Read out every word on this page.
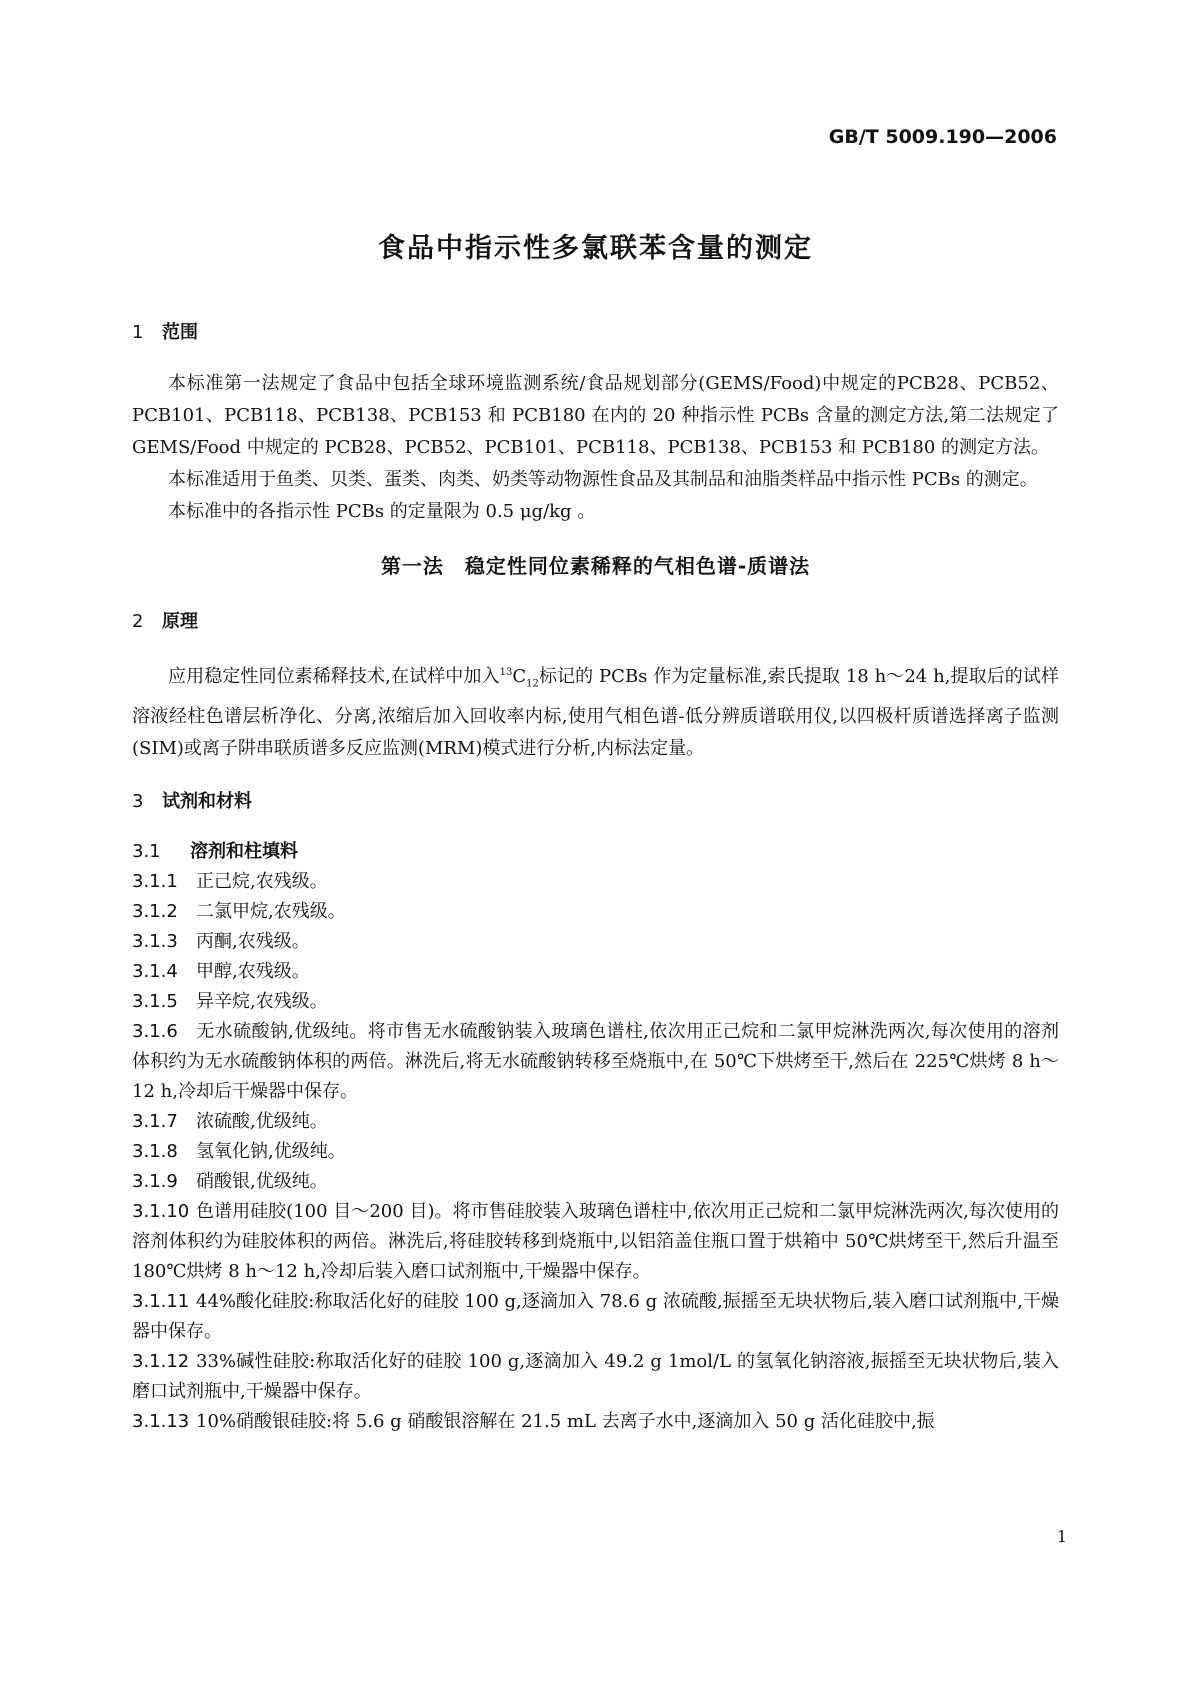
GB/T 5009.190—2006
食品中指示性多氯联苯含量的测定
1 范围

本标准第一法规定了食品中包括全球环境监测系统/食品规划部分(GEMS/Food)中规定的PCB28、PCB52、PCB101、PCB118、PCB138、PCB153 和 PCB180 在内的 20 种指示性 PCBs 含量的测定方法,第二法规定了 GEMS/Food 中规定的 PCB28、PCB52、PCB101、PCB118、PCB138、PCB153 和 PCB180 的测定方法。

本标准适用于鱼类、贝类、蛋类、肉类、奶类等动物源性食品及其制品和油脂类样品中指示性 PCBs 的测定。

本标准中的各指示性 PCBs 的定量限为 0.5 μg/kg 。

第一法　稳定性同位素稀释的气相色谱-质谱法
2 原理

应用稳定性同位素稀释技术,在试样中加入$^{13}C_{12}$标记的 PCBs 作为定量标准,索氏提取 18 h～24 h,提取后的试样溶液经柱色谱层析净化、分离,浓缩后加入回收率内标,使用气相色谱-低分辨质谱联用仪,以四极杆质谱选择离子监测(SIM)或离子阱串联质谱多反应监测(MRM)模式进行分析,内标法定量。

3 试剂和材料
3.1 溶剂和柱填料

3.1.1 正己烷,农残级。

3.1.2 二氯甲烷,农残级。

3.1.3 丙酮,农残级。

3.1.4 甲醇,农残级。

3.1.5 异辛烷,农残级。

3.1.6 无水硫酸钠,优级纯。将市售无水硫酸钠装入玻璃色谱柱,依次用正己烷和二氯甲烷淋洗两次,每次使用的溶剂体积约为无水硫酸钠体积的两倍。淋洗后,将无水硫酸钠转移至烧瓶中,在 50℃下烘烤至干,然后在 225℃烘烤 8 h～12 h,冷却后干燥器中保存。

3.1.7 浓硫酸,优级纯。

3.1.8 氢氧化钠,优级纯。

3.1.9 硝酸银,优级纯。

3.1.10 色谱用硅胶(100 目～200 目)。将市售硅胶装入玻璃色谱柱中,依次用正己烷和二氯甲烷淋洗两次,每次使用的溶剂体积约为硅胶体积的两倍。淋洗后,将硅胶转移到烧瓶中,以铝箔盖住瓶口置于烘箱中 50℃烘烤至干,然后升温至 180℃烘烤 8 h～12 h,冷却后装入磨口试剂瓶中,干燥器中保存。

3.1.11 44%酸化硅胶:称取活化好的硅胶 100 g,逐滴加入 78.6 g 浓硫酸,振摇至无块状物后,装入磨口试剂瓶中,干燥器中保存。

3.1.12 33%碱性硅胶:称取活化好的硅胶 100 g,逐滴加入 49.2 g 1mol/L 的氢氧化钠溶液,振摇至无块状物后,装入磨口试剂瓶中,干燥器中保存。

3.1.13 10%硝酸银硅胶:将 5.6 g 硝酸银溶解在 21.5 mL 去离子水中,逐滴加入 50 g 活化硅胶中,振

1
